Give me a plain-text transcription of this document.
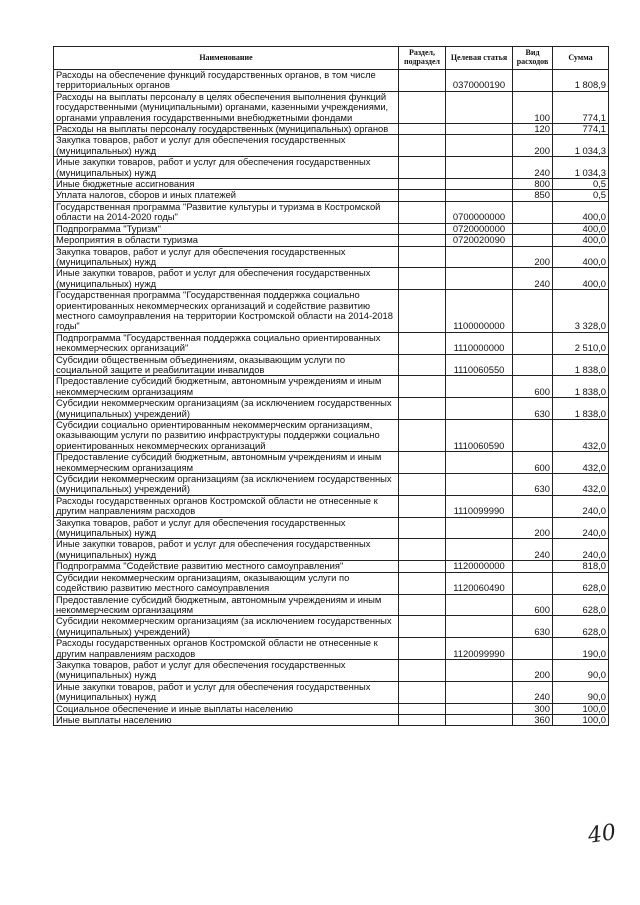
Наименование	Раздел, подраздел	Целевая статья	Вид расходов	Сумма
Расходы на обеспечение функций государственных органов, в том числе территориальных органов		0370000190		1 808,9
Расходы на выплаты персоналу в целях обеспечения выполнения функций государственными (муниципальными) органами, казенными учреждениями, органами управления государственными внебюджетными фондами			100	774,1
Расходы на выплаты персоналу государственных (муниципальных) органов			120	774,1
Закупка товаров, работ и услуг для обеспечения государственных (муниципальных) нужд			200	1 034,3
Иные закупки товаров, работ и услуг для обеспечения государственных (муниципальных) нужд			240	1 034,3
Иные бюджетные ассигнования			800	0,5
Уплата налогов, сборов и иных платежей			850	0,5
Государственная программа "Развитие культуры и туризма в Костромской области на 2014-2020 годы"		0700000000		400,0
Подпрограмма "Туризм"		0720000000		400,0
Мероприятия в области туризма		0720020090		400,0
Закупка товаров, работ и услуг для обеспечения государственных (муниципальных) нужд			200	400,0
Иные закупки товаров, работ и услуг для обеспечения государственных (муниципальных) нужд			240	400,0
Государственная программа "Государственная поддержка социально ориентированных некоммерческих организаций и содействие развитию местного самоуправления на территории Костромской области на 2014-2018 годы"		1100000000		3 328,0
Подпрограмма "Государственная поддержка социально ориентированных некоммерческих организаций"		1110000000		2 510,0
Субсидии общественным объединениям, оказывающим услуги по социальной защите и реабилитации инвалидов		1110060550		1 838,0
Предоставление субсидий бюджетным, автономным учреждениям и иным некоммерческим организациям			600	1 838,0
Субсидии некоммерческим организациям (за исключением государственных (муниципальных) учреждений)			630	1 838,0
Субсидии социально ориентированным некоммерческим организациям, оказывающим услуги по развитию инфраструктуры поддержки социально ориентированных некоммерческих организаций		1110060590		432,0
Предоставление субсидий бюджетным, автономным учреждениям и иным некоммерческим организациям			600	432,0
Субсидии некоммерческим организациям (за исключением государственных (муниципальных) учреждений)			630	432,0
Расходы государственных органов Костромской области не отнесенные к другим направлениям расходов		1110099990		240,0
Закупка товаров, работ и услуг для обеспечения государственных (муниципальных) нужд			200	240,0
Иные закупки товаров, работ и услуг для обеспечения государственных (муниципальных) нужд			240	240,0
Подпрограмма "Содействие развитию местного самоуправления"		1120000000		818,0
Субсидии некоммерческим организациям, оказывающим услуги по содействию развитию местного самоуправления		1120060490		628,0
Предоставление субсидий бюджетным, автономным учреждениям и иным некоммерческим организациям			600	628,0
Субсидии некоммерческим организациям (за исключением государственных (муниципальных) учреждений)			630	628,0
Расходы государственных органов Костромской области не отнесенные к другим направлениям расходов		1120099990		190,0
Закупка товаров, работ и услуг для обеспечения государственных (муниципальных) нужд			200	90,0
Иные закупки товаров, работ и услуг для обеспечения государственных (муниципальных) нужд			240	90,0
Социальное обеспечение и иные выплаты населению			300	100,0
Иные выплаты населению			360	100,0
40
